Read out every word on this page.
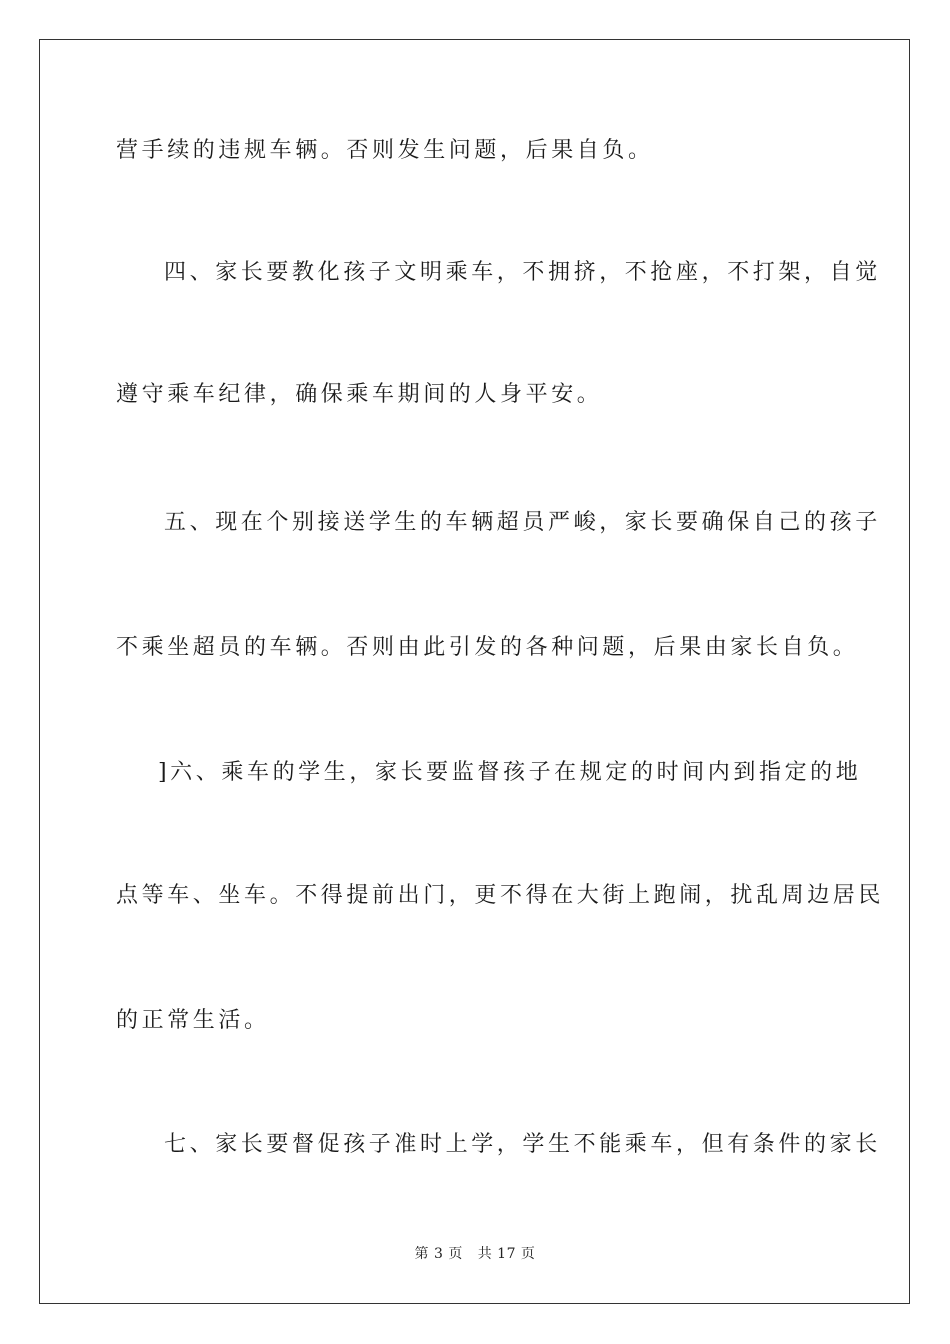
营手续的违规车辆。否则发生问题，后果自负。
四、家长要教化孩子文明乘车，不拥挤，不抢座，不打架，自觉
遵守乘车纪律，确保乘车期间的人身平安。
五、现在个别接送学生的车辆超员严峻，家长要确保自己的孩子
不乘坐超员的车辆。否则由此引发的各种问题，后果由家长自负。
]六、乘车的学生，家长要监督孩子在规定的时间内到指定的地
点等车、坐车。不得提前出门，更不得在大街上跑闹，扰乱周边居民
的正常生活。
七、家长要督促孩子准时上学，学生不能乘车，但有条件的家长
第 3 页 共 17 页
